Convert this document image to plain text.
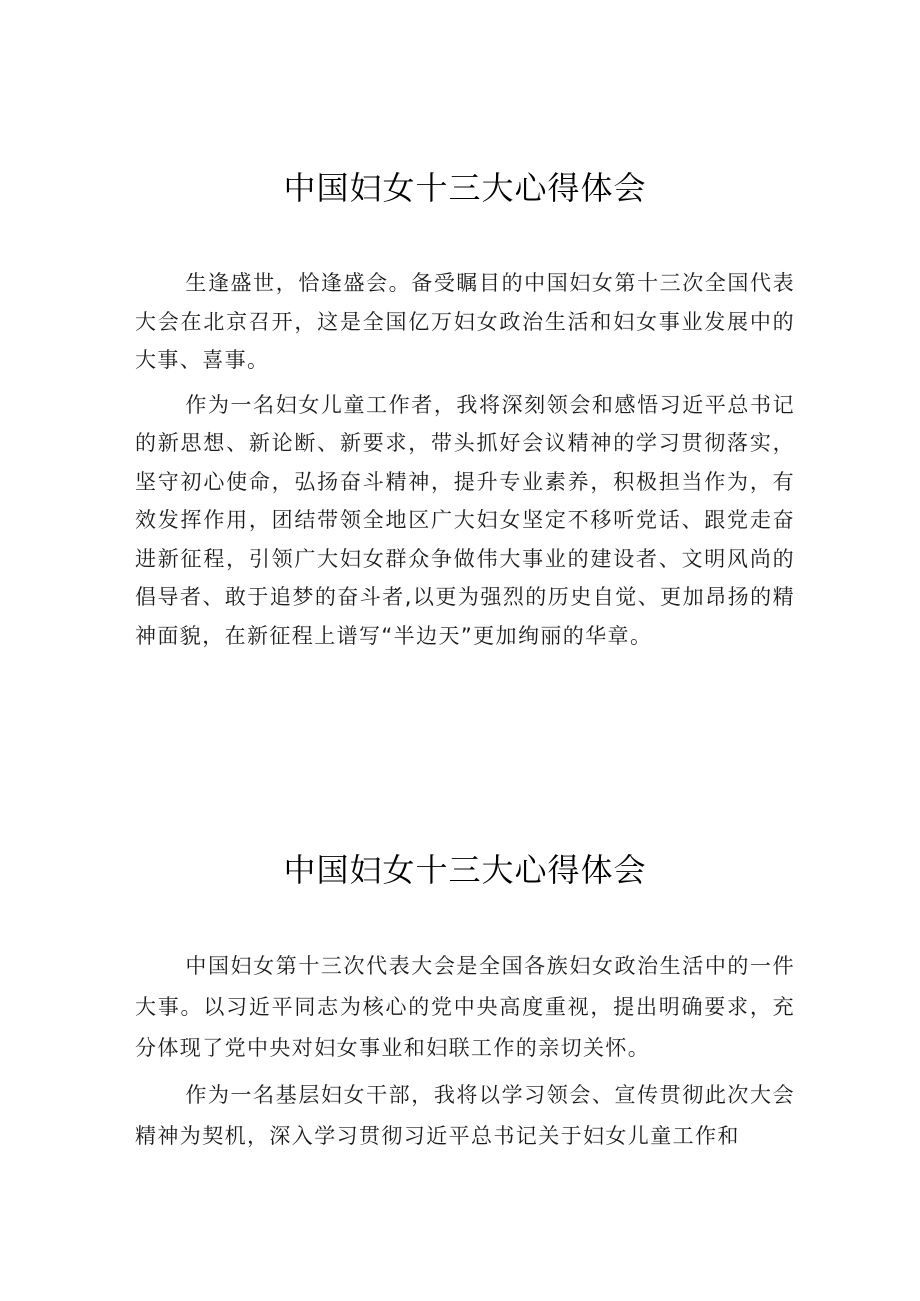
中国妇女十三大心得体会

生逢盛世，恰逢盛会。备受瞩目的中国妇女第十三次全国代表大会在北京召开，这是全国亿万妇女政治生活和妇女事业发展中的大事、喜事。

作为一名妇女儿童工作者，我将深刻领会和感悟习近平总书记的新思想、新论断、新要求，带头抓好会议精神的学习贯彻落实，坚守初心使命，弘扬奋斗精神，提升专业素养，积极担当作为，有效发挥作用，团结带领全地区广大妇女坚定不移听党话、跟党走奋进新征程，引领广大妇女群众争做伟大事业的建设者、文明风尚的倡导者、敢于追梦的奋斗者,以更为强烈的历史自觉、更加昂扬的精神面貌，在新征程上谱写“半边天”更加绚丽的华章。

中国妇女十三大心得体会

中国妇女第十三次代表大会是全国各族妇女政治生活中的一件大事。以习近平同志为核心的党中央高度重视，提出明确要求，充分体现了党中央对妇女事业和妇联工作的亲切关怀。

作为一名基层妇女干部，我将以学习领会、宣传贯彻此次大会精神为契机，深入学习贯彻习近平总书记关于妇女儿童工作和
